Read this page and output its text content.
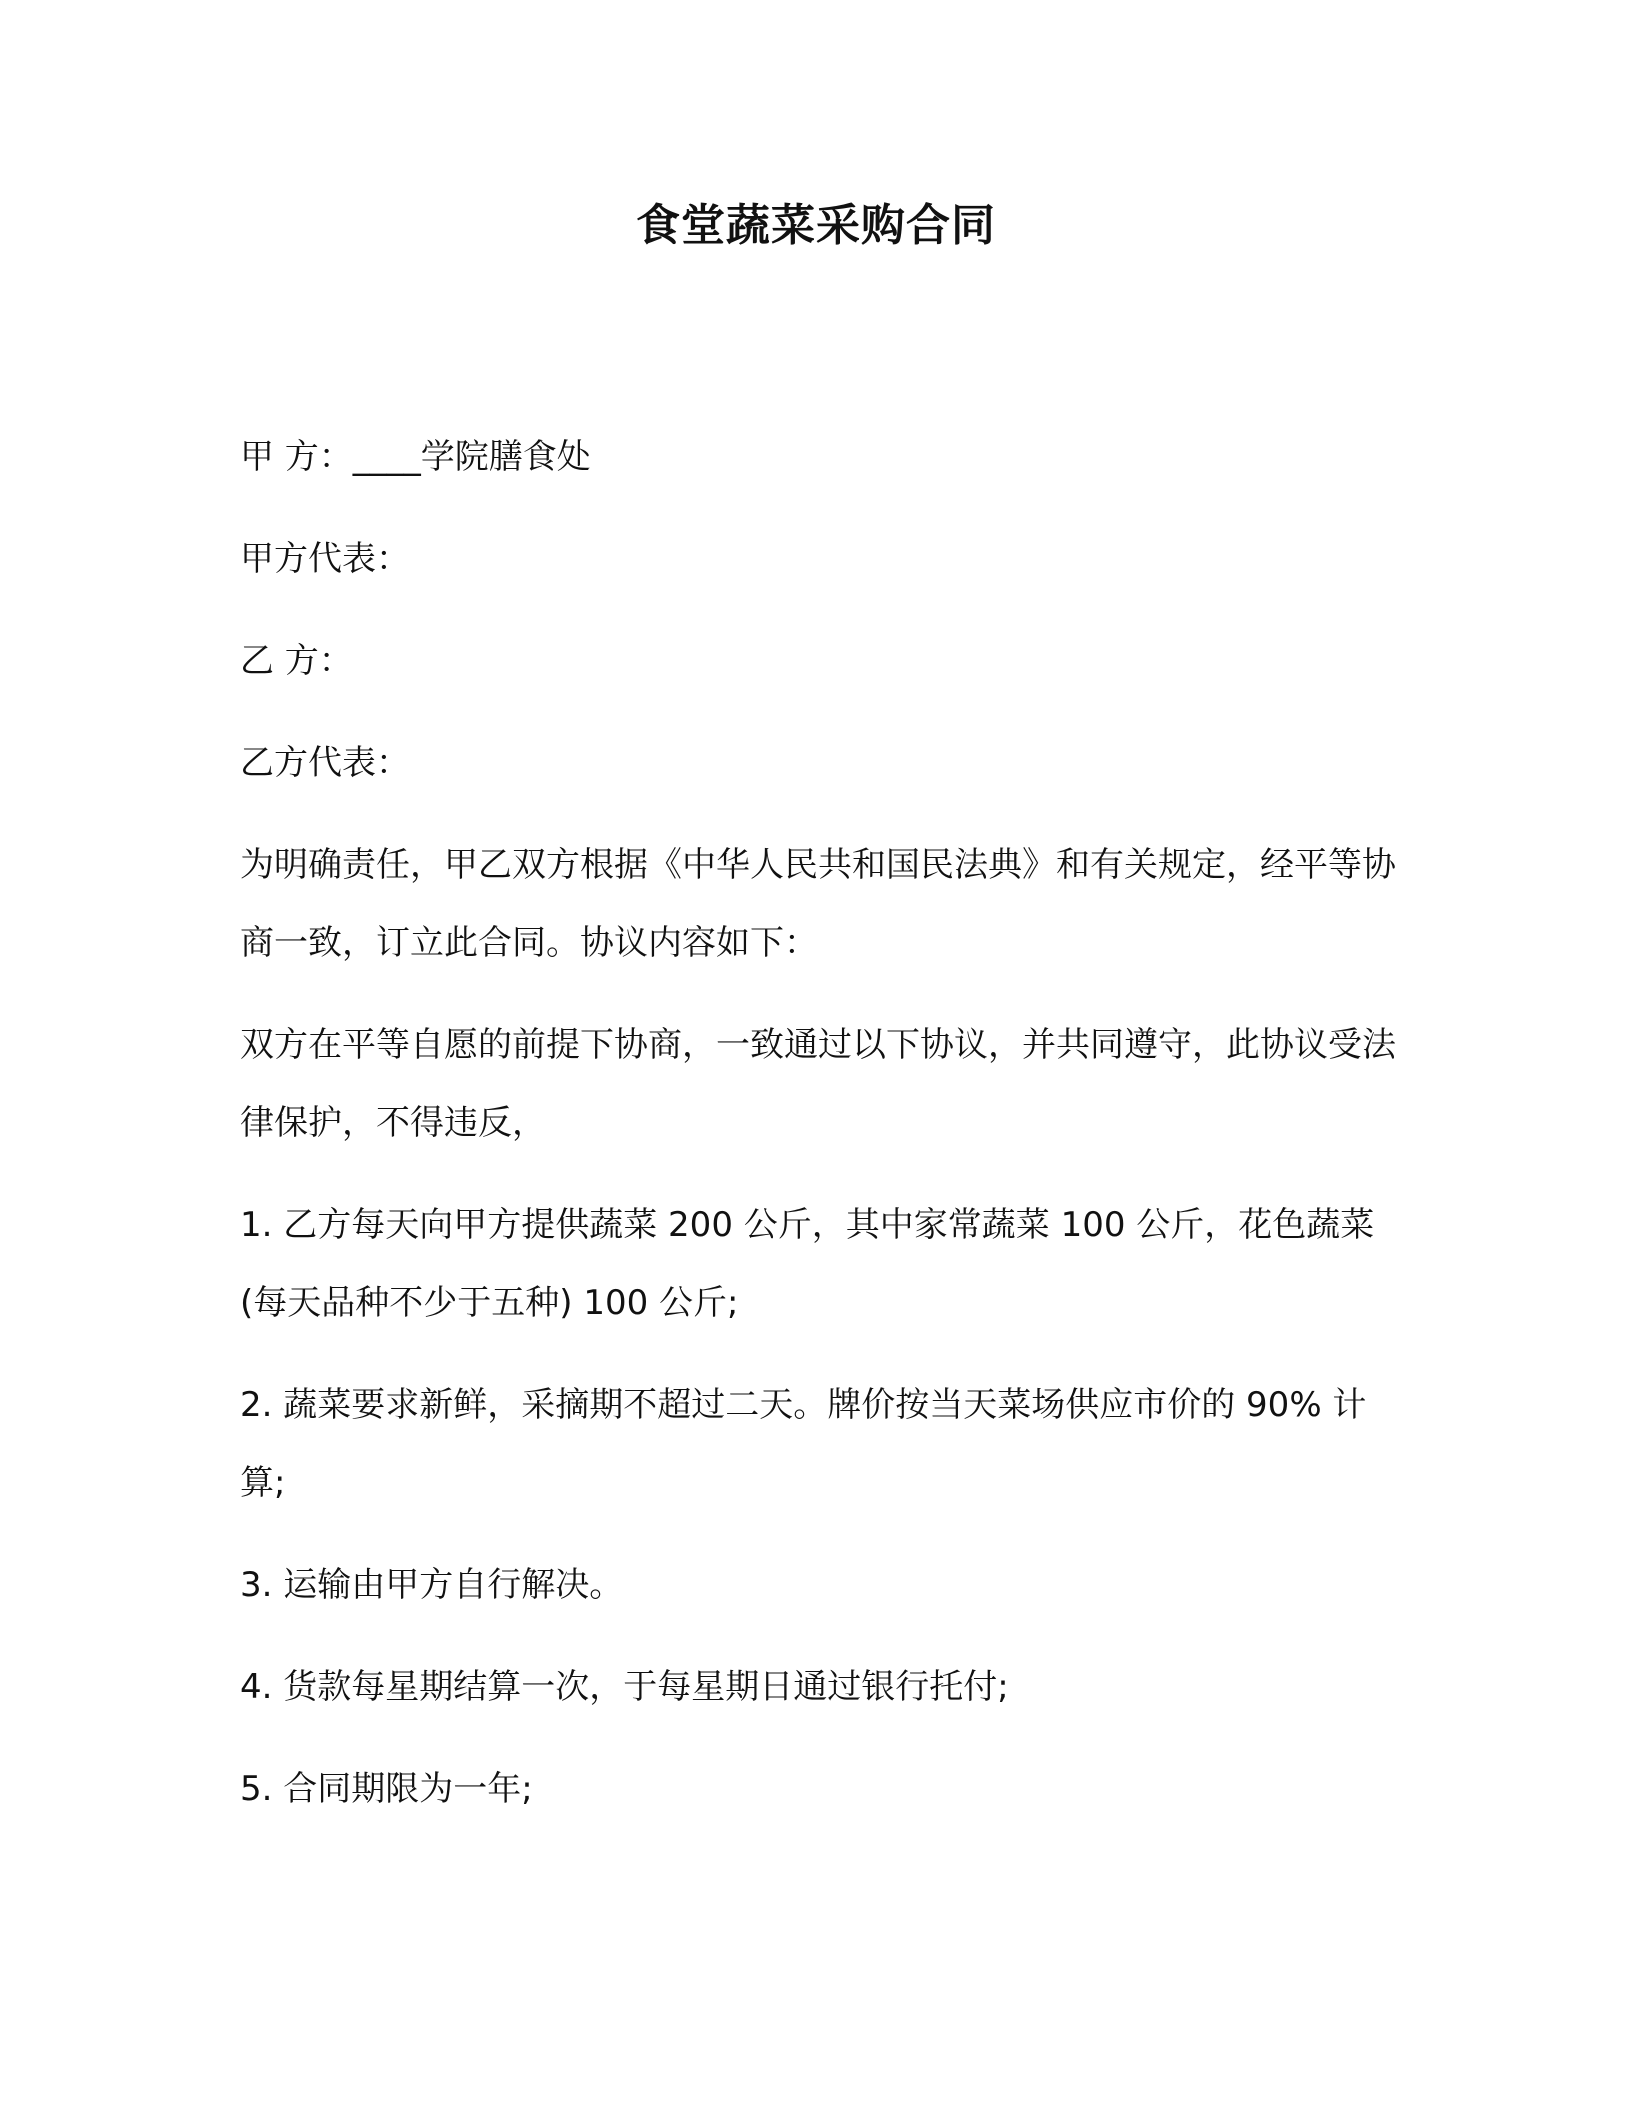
食堂蔬菜采购合同

甲 方：____学院膳食处

甲方代表：

乙 方：

乙方代表：

为明确责任，甲乙双方根据《中华人民共和国民法典》和有关规定，经平等协商一致，订立此合同。协议内容如下：

双方在平等自愿的前提下协商，一致通过以下协议，并共同遵守，此协议受法律保护，不得违反，

1. 乙方每天向甲方提供蔬菜 200 公斤，其中家常蔬菜 100 公斤，花色蔬菜(每天品种不少于五种) 100 公斤;

2. 蔬菜要求新鲜，采摘期不超过二天。牌价按当天菜场供应市价的 90% 计算;

3. 运输由甲方自行解决。

4. 货款每星期结算一次，于每星期日通过银行托付;

5. 合同期限为一年;
